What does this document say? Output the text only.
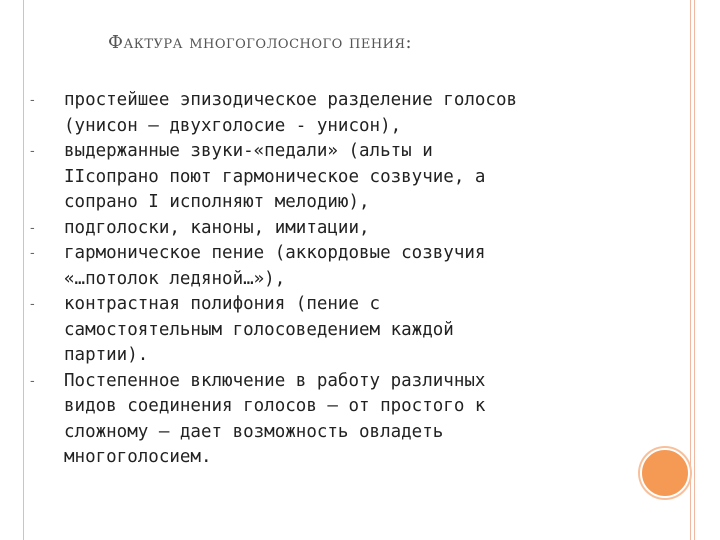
Фактура многоголосного пения:
-	простейшее эпизодическое разделение голосов
(унисон – двухголосие - унисон),
-	выдержанные звуки-«педали» (альты и
IIсопрано поют гармоническое созвучие, а
сопрано I исполняют мелодию),
-	подголоски, каноны, имитации,
-	гармоническое пение (аккордовые созвучия
«…потолок ледяной…»),
-	контрастная полифония (пение с
самостоятельным голосоведением каждой
партии).
-	Постепенное включение в работу различных
видов соединения голосов — от простого к
сложному — дает возможность овладеть
многоголосием.
